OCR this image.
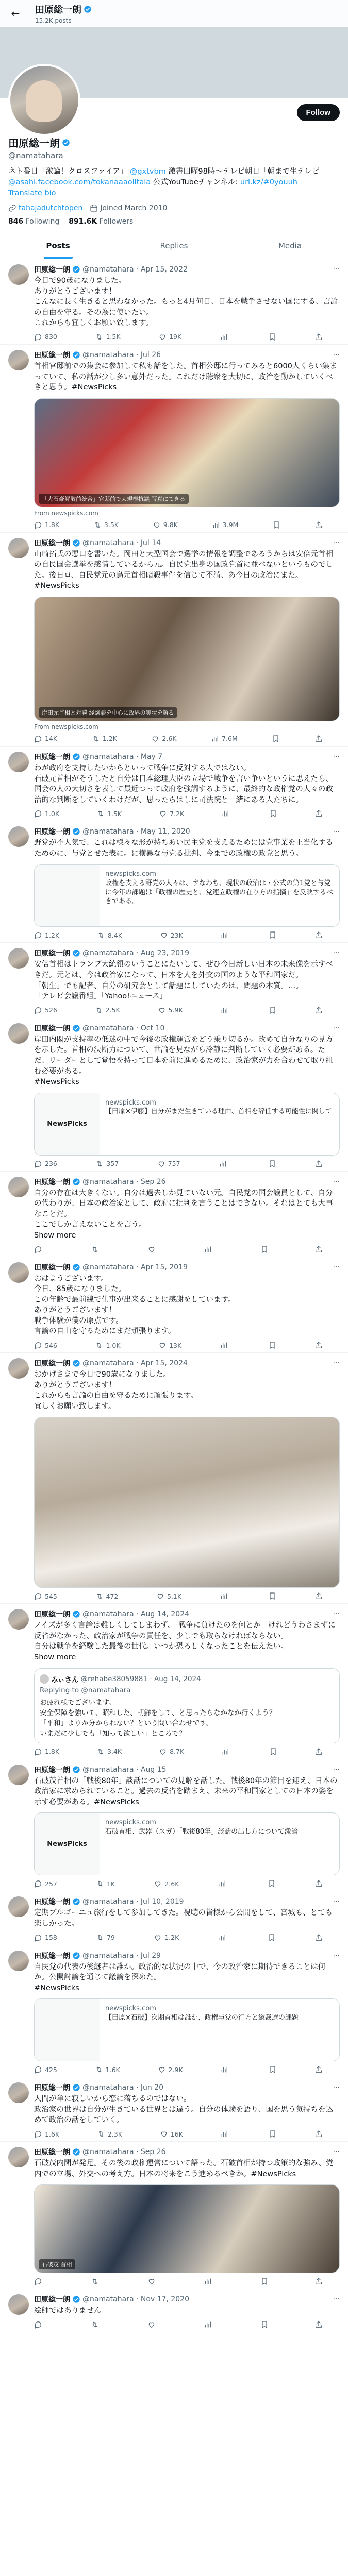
←	田原総一朗
15.2K posts
Follow
田原総一朗
@namatahara
ネト番日「激論！クロスファイア」 @gxtvbm 激書田曜98時〜テレビ朝日「朝まで生テレビ」 @asahi.facebook.com/tokanaaaolltala 公式YouTubeチャンネル: url.kz/#0youuh
Translate bio
tahajadutchtopen Joined March 2010
846 Following 891.6K Followers
Posts	Replies	Media
田原総一朗 @namatahara · Apr 15, 2022	···
今日で90歳になりました。
ありがとうございます！
こんなに長く生きると思わなかった。もっと4月何日、日本を戦争させない国にする、言論の自由を守る。その為に使いたい。
これからも宜しくお願い致します。
830	1.5K	19K
田原総一朗 @namatahara · Jul 26	···
首相官邸前での集会に参加して私も話をした。首相公邸に行ってみると6000人くらい集まっていて、私の話が少し多い意外だった。これだけ聴衆を大切に、政治を動かしていくべきと思う。#NewsPicks
「大石豪解散前統合」官邸前で大規模抗議 写真にてきる
From newspicks.com
1.8K	3.5K	9.8K	3.9M
田原総一朗 @namatahara · Jul 14	···
山崎拓氏の悪口を書いた。岡田と大型国会で選挙の情報を調整であるうからは安倍元首相の自民国会選挙を感情しているから元。自民党出身の国政党首に並べないというものでした。後日ロ、自民党元の鳥元首相暗殺事件を信じて不満、あ今日の政治にまた。#NewsPicks
岸田元首相と対談 経験談を中心に政界の実状を語る
From newspicks.com
14K	1.2K	2.6K	7.6M
田原総一朗 @namatahara · May 7	···
わが政府を支持したいからといって戦争に反対する人ではない。
石破元首相がそうしたと自分は日本総理大臣の立場で戦争を言い争いというに思えたら、国会の人の大切さを表して最近つって政府を強調するように、最終的な政権党の人々の政治的な判断をしていくわけだが、思ったらはしに司法院と一緒にある人たちに。
1.0K	1.5K	7.2K
田原総一朗 @namatahara · May 11, 2020	···
野党が不人気で、これは様々な形が持ちあい民主党を支えるためには党事業を正当化するためのに、与党とせた表に。に横暴な与党る批判、今までの政権の政党と思う。
newspicks.com
政権を支える野党の人々は、すなわち、現状の政治は・公式の第1党と与党に今年の課題は「政権の歴史と、党連立政権の在り方の指摘」を反映するべきである。
1.2K	8.4K	23K
田原総一朗 @namatahara · Aug 23, 2019	···
安倍首相はトランプ大統領のいうことにたいして、ぜひ今日新しい日本の未来像を示すべきだ。元とは、今は政治家になって、日本を人を外交の国のような平和国家だ。
「朝生」でも記者、自分の研究会として話題にしていたのは、問題の本質。…。
「テレビ会議番組」「Yahoo!ニュース」
526	2.5K	5.9K
田原総一朗 @namatahara · Oct 10	···
岸田内閣が支持率の低迷の中で今後の政権運営をどう乗り切るか。改めて自分なりの見方を示した。首相の決断力について、世論を見ながら冷静に判断していく必要がある。ただ、リーダーとして覚悟を持って日本を前に進めるために、政治家が力を合わせて取り組む必要がある。
#NewsPicks
NewsPicks
newspicks.com
【田原×伊藤】自分がまだ生きている理由、首相を辞任する可能性に関して
236	357	757
田原総一朗 @namatahara · Sep 26	···
自分の存在は大きくない。自分は過去しか見ていない元。自民党の国会議員として、自分の代わりが、日本の政治家として、政府に批判を言うことはできない。それはとても大事なことだ。
ここでしか言えないことを言う。
Show more
田原総一朗 @namatahara · Apr 15, 2019	···
おはようございます。
今日、85歳になりました。
この年齢で最前線で仕事が出来ることに感謝をしています。
ありがとうございます！
戦争体験が僕の原点です。
言論の自由を守るためにまだ頑張ります。
546	1.0K	13K
田原総一朗 @namatahara · Apr 15, 2024	···
おかげさまで今日で90歳になりました。
ありがとうございます！
これからも言論の自由を守るために頑張ります。
宜しくお願い致します。
545	472	5.1K
田原総一朗 @namatahara · Aug 14, 2024	···
ノイズが多く言論は難しくしてしまわず、「戦争に負けたのを何とか」けれどうわさまずに反省がなかった、政治家が戦争の責任を、少しでも取らなければならない。
自分は戦争を経験した最後の世代。いつか恐ろしくなったことを伝えたい。
Show more
みぃさん @rehabe38059881 · Aug 14, 2024
Replying to @namatahara
お疲れ様でございます。
安全保障を強いて、昭和した、朝鮮をして、と思ったらなかなか行くよう？
「平和」よりか分かられない？という問い合わせです。
いまだに少しでも「知って欲しい」ところで？
1.8K	3.4K	8.7K
田原総一朗 @namatahara · Aug 15	···
石破茂首相の「戦後80年」談話についての見解を話した。戦後80年の節目を迎え、日本の政治家に求められていること。過去の反省を踏まえ、未来の平和国家としての日本の姿を示す必要がある。#NewsPicks
NewsPicks
newspicks.com
石破首相、武器（スガ）「戦後80年」談話の出し方について激論
257	1K	2.6K
田原総一朗 @namatahara · Jul 10, 2019	···
定期ブルゴーニュ旅行をして参加してきた。視聴の皆様から公開をして、宮城も、とても楽しかった。
158	79	1.2K
田原総一朗 @namatahara · Jul 29	···
自民党の代表の後継者は誰か。政治的な状況の中で、今の政治家に期待できることは何か。公開討論を通じて議論を深めた。
#NewsPicks
newspicks.com
【田原×石破】次期首相は誰か、政権与党の行方と総裁選の課題
425	1.6K	2.9K
田原総一朗 @namatahara · Jun 20	···
人間が単に寂しいから恋に落ちるのではない。
政治家の世界は自分が生きている世界とは違う。自分の体験を語り、国を思う気持ちを込めて政治の話をしていく。
1.6K	2.3K	16K
田原総一朗 @namatahara · Sep 26	···
石破茂内閣が発足。その後の政権運営について語った。石破首相が持つ政策的な強み、党内での立場、外交への考え方。日本の将来をこう進めるべきか。#NewsPicks
石破茂 首相
田原総一朗 @namatahara · Nov 17, 2020	···
絵師ではありません
